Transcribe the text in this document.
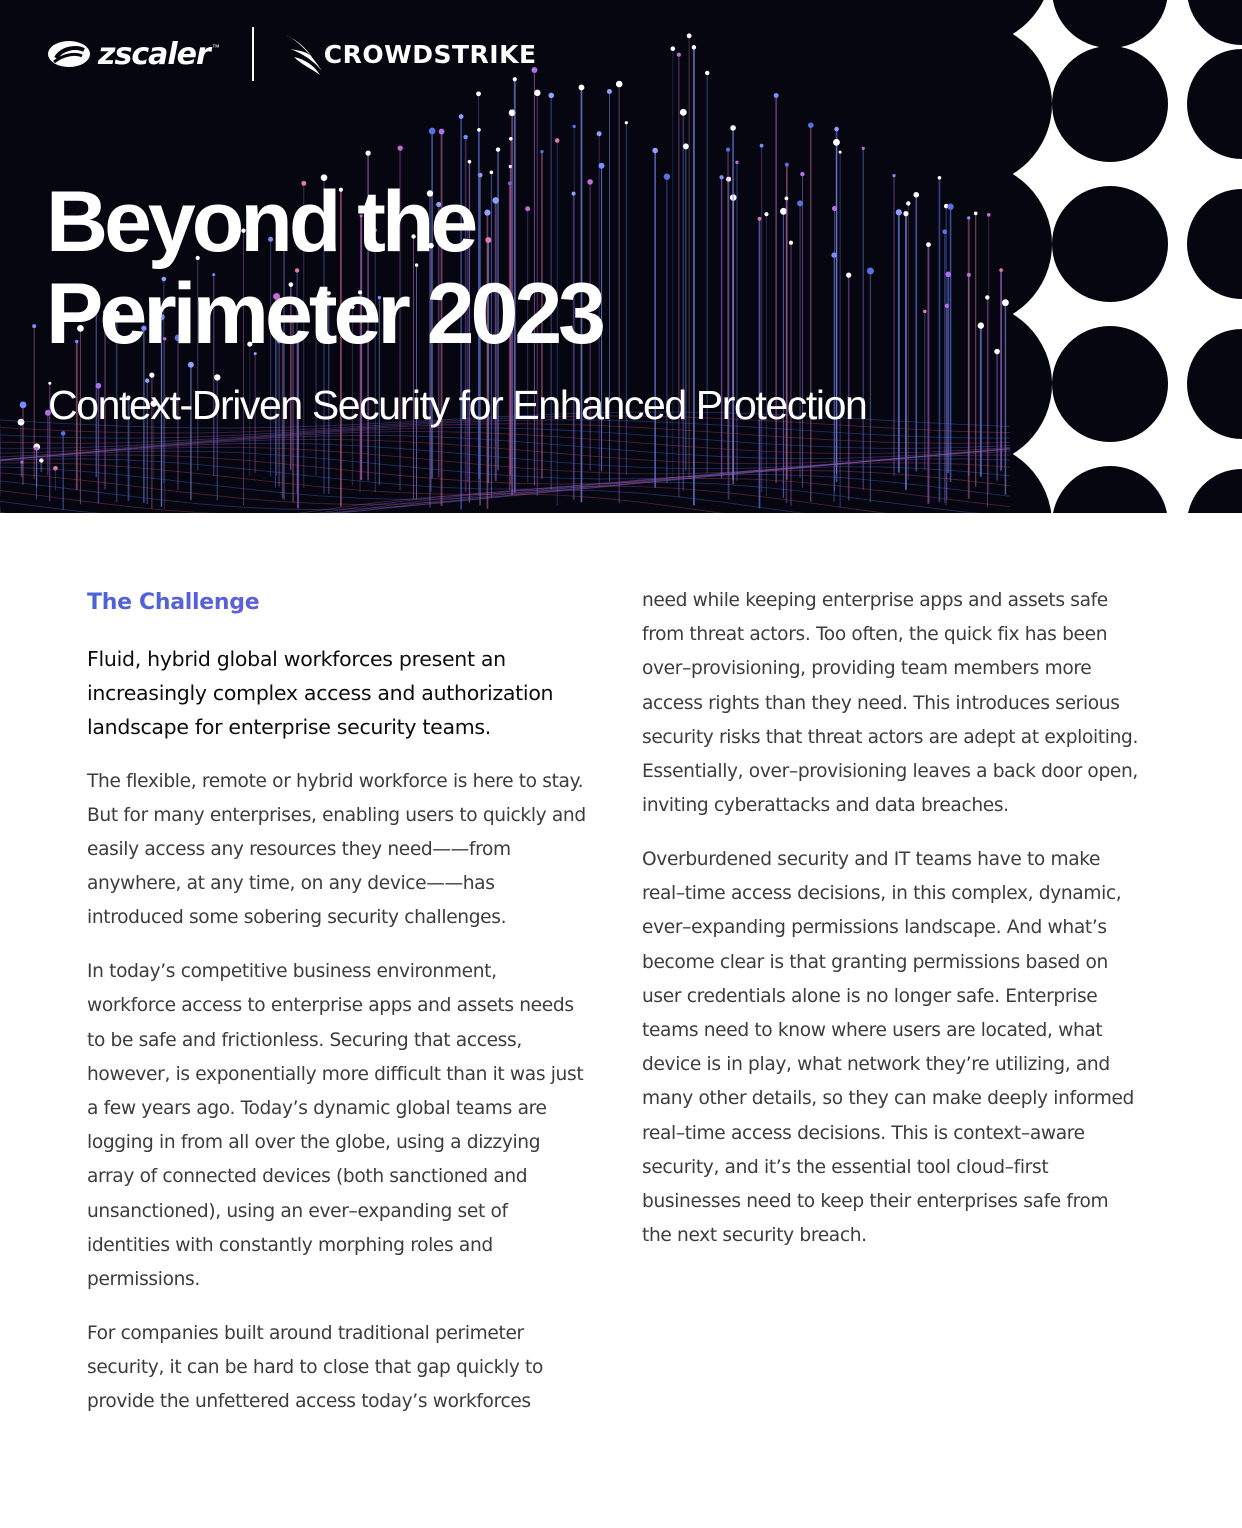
zscaler ™	CROWDSTRIKE
Beyond the
Perimeter 2023

Context-Driven Security for Enhanced Protection

The Challenge

Fluid, hybrid global workforces present an increasingly complex access and authorization landscape for enterprise security teams.

The flexible, remote or hybrid workforce is here to stay. But for many enterprises, enabling users to quickly and easily access any resources they need——from anywhere, at any time, on any device——has introduced some sobering security challenges.

In today’s competitive business environment, workforce access to enterprise apps and assets needs to be safe and frictionless. Securing that access, however, is exponentially more difficult than it was just a few years ago. Today’s dynamic global teams are logging in from all over the globe, using a dizzying array of connected devices (both sanctioned and unsanctioned), using an ever–expanding set of identities with constantly morphing roles and permissions.

For companies built around traditional perimeter security, it can be hard to close that gap quickly to provide the unfettered access today’s workforces

need while keeping enterprise apps and assets safe from threat actors. Too often, the quick fix has been over–provisioning, providing team members more access rights than they need. This introduces serious security risks that threat actors are adept at exploiting. Essentially, over–provisioning leaves a back door open, inviting cyberattacks and data breaches.

Overburdened security and IT teams have to make real–time access decisions, in this complex, dynamic, ever–expanding permissions landscape. And what’s become clear is that granting permissions based on user credentials alone is no longer safe. Enterprise teams need to know where users are located, what device is in play, what network they’re utilizing, and many other details, so they can make deeply informed real–time access decisions. This is context–aware security, and it’s the essential tool cloud–first businesses need to keep their enterprises safe from the next security breach.
